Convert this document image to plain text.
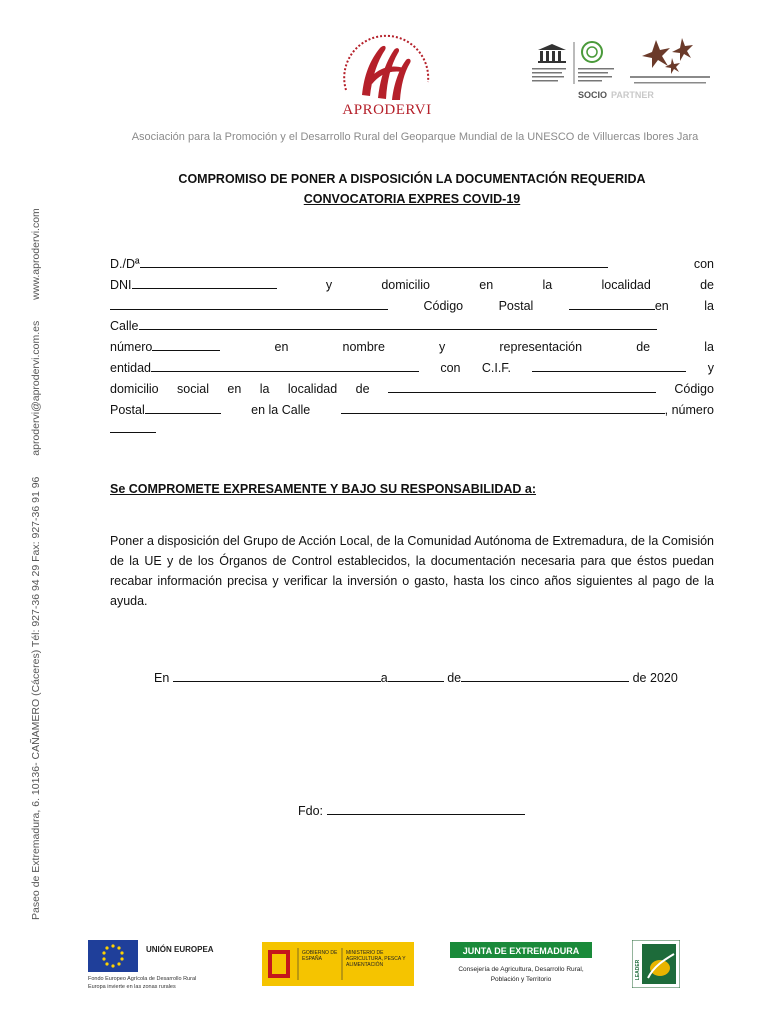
APRODERVI
SOCIO PARTNER
Asociación para la Promoción y el Desarrollo Rural del Geoparque Mundial de la UNESCO de Villuercas Ibores Jara
Paseo de Extremadura, 6. 10136- CAÑAMERO (Cáceres) Tél: 927-36 94 29 Fax: 927-36 91 96 aprodervi@aprodervi.com.es www.aprodervi.com
COMPROMISO DE PONER A DISPOSICIÓN LA DOCUMENTACIÓN REQUERIDA
CONVOCATORIA EXPRES COVID-19
D./Dª	con
DNI	y	domicilio	en	la	localidad	de
Código	Postal	en	la
Calle
número	en	nombre	y	representación	de	la
entidad	con C.I.F.	y
domicilio social en la localidad de	Código
Postal	en la Calle	, número
Se COMPROMETE EXPRESAMENTE Y BAJO SU RESPONSABILIDAD a:
Poner a disposición del Grupo de Acción Local, de la Comunidad Autónoma de Extremadura, de la Comisión de la UE y de los Órganos de Control establecidos, la documentación necesaria para que éstos puedan recabar información precisa y verificar la inversión o gasto, hasta los cinco años siguientes al pago de la ayuda.
En	a	de	de 2020
Fdo:
UNIÓN EUROPEA
Fondo Europeo Agrícola de Desarrollo Rural
Europa invierte en las zonas rurales
GOBIERNO DE ESPAÑA
MINISTERIO DE AGRICULTURA, PESCA Y ALIMENTACIÓN
JUNTA DE EXTREMADURA
Consejería de Agricultura, Desarrollo Rural,
Población y Territorio	LEADER
